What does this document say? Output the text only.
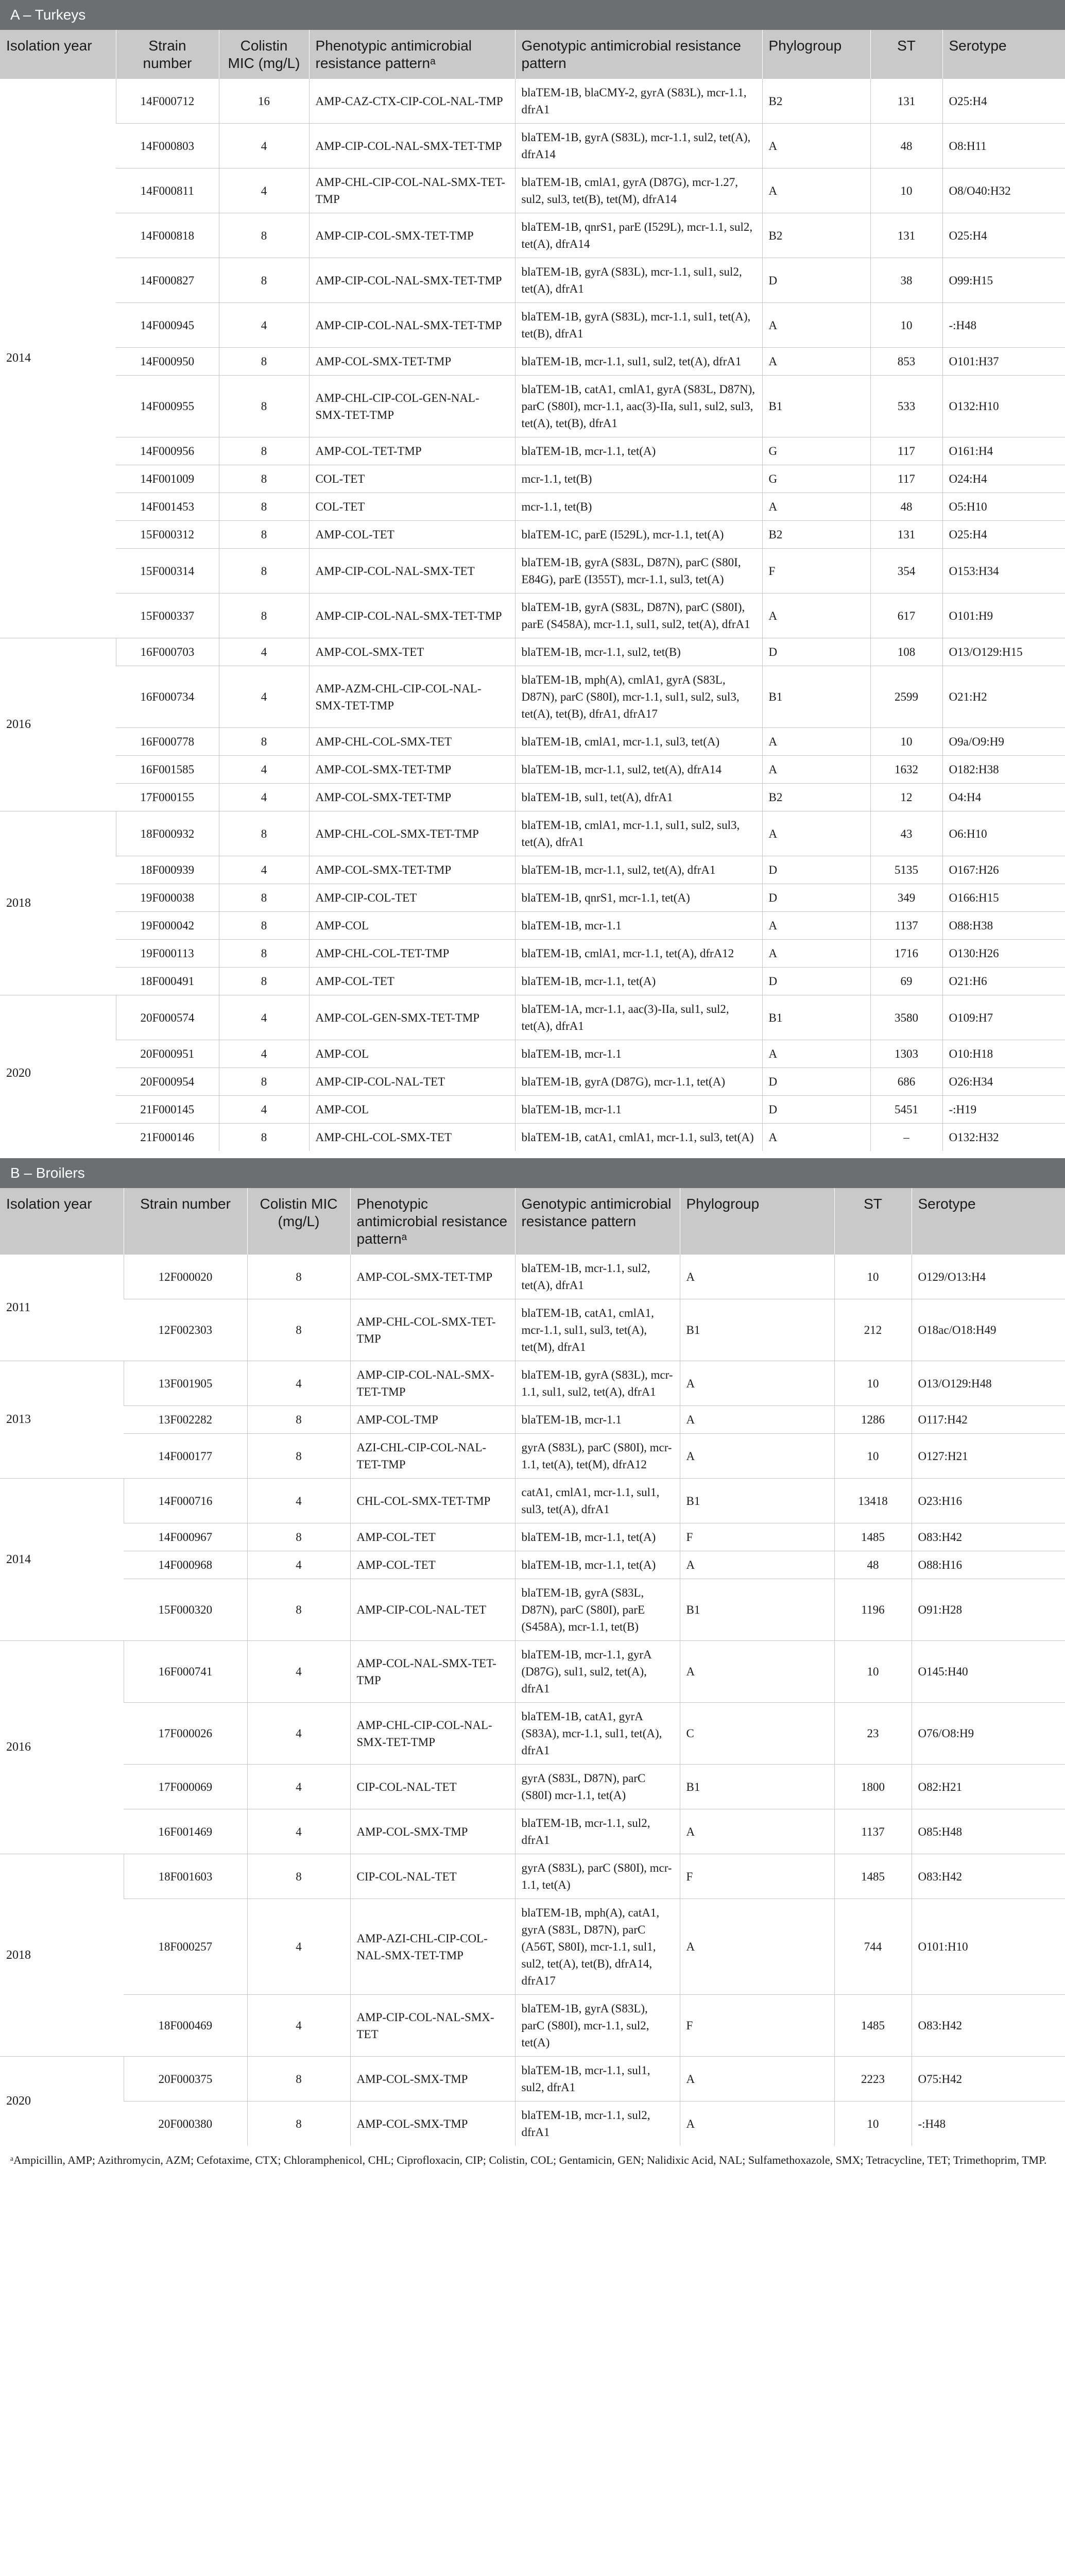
A – Turkeys
Isolation year	Strain number	Colistin MIC (mg/L)	Phenotypic antimicrobial resistance patternᵃ	Genotypic antimicrobial resistance pattern	Phylogroup	ST	Serotype
2014	14F000712	16	AMP-CAZ-CTX-CIP-COL-NAL-TMP	blaTEM-1B, blaCMY-2, gyrA (S83L), mcr-1.1, dfrA1	B2	131	O25:H4
	14F000803	4	AMP-CIP-COL-NAL-SMX-TET-TMP	blaTEM-1B, gyrA (S83L), mcr-1.1, sul2, tet(A), dfrA14	A	48	O8:H11
	14F000811	4	AMP-CHL-CIP-COL-NAL-SMX-TET-TMP	blaTEM-1B, cmlA1, gyrA (D87G), mcr-1.27, sul2, sul3, tet(B), tet(M), dfrA14	A	10	O8/O40:H32
	14F000818	8	AMP-CIP-COL-SMX-TET-TMP	blaTEM-1B, qnrS1, parE (I529L), mcr-1.1, sul2, tet(A), dfrA14	B2	131	O25:H4
	14F000827	8	AMP-CIP-COL-NAL-SMX-TET-TMP	blaTEM-1B, gyrA (S83L), mcr-1.1, sul1, sul2, tet(A), dfrA1	D	38	O99:H15
	14F000945	4	AMP-CIP-COL-NAL-SMX-TET-TMP	blaTEM-1B, gyrA (S83L), mcr-1.1, sul1, tet(A), tet(B), dfrA1	A	10	-:H48
	14F000950	8	AMP-COL-SMX-TET-TMP	blaTEM-1B, mcr-1.1, sul1, sul2, tet(A), dfrA1	A	853	O101:H37
	14F000955	8	AMP-CHL-CIP-COL-GEN-NAL-SMX-TET-TMP	blaTEM-1B, catA1, cmlA1, gyrA (S83L, D87N), parC (S80I), mcr-1.1, aac(3)-IIa, sul1, sul2, sul3, tet(A), tet(B), dfrA1	B1	533	O132:H10
	14F000956	8	AMP-COL-TET-TMP	blaTEM-1B, mcr-1.1, tet(A)	G	117	O161:H4
	14F001009	8	COL-TET	mcr-1.1, tet(B)	G	117	O24:H4
	14F001453	8	COL-TET	mcr-1.1, tet(B)	A	48	O5:H10
	15F000312	8	AMP-COL-TET	blaTEM-1C, parE (I529L), mcr-1.1, tet(A)	B2	131	O25:H4
	15F000314	8	AMP-CIP-COL-NAL-SMX-TET	blaTEM-1B, gyrA (S83L, D87N), parC (S80I, E84G), parE (I355T), mcr-1.1, sul3, tet(A)	F	354	O153:H34
	15F000337	8	AMP-CIP-COL-NAL-SMX-TET-TMP	blaTEM-1B, gyrA (S83L, D87N), parC (S80I), parE (S458A), mcr-1.1, sul1, sul2, tet(A), dfrA1	A	617	O101:H9
2016	16F000703	4	AMP-COL-SMX-TET	blaTEM-1B, mcr-1.1, sul2, tet(B)	D	108	O13/O129:H15
	16F000734	4	AMP-AZM-CHL-CIP-COL-NAL-SMX-TET-TMP	blaTEM-1B, mph(A), cmlA1, gyrA (S83L, D87N), parC (S80I), mcr-1.1, sul1, sul2, sul3, tet(A), tet(B), dfrA1, dfrA17	B1	2599	O21:H2
	16F000778	8	AMP-CHL-COL-SMX-TET	blaTEM-1B, cmlA1, mcr-1.1, sul3, tet(A)	A	10	O9a/O9:H9
	16F001585	4	AMP-COL-SMX-TET-TMP	blaTEM-1B, mcr-1.1, sul2, tet(A), dfrA14	A	1632	O182:H38
	17F000155	4	AMP-COL-SMX-TET-TMP	blaTEM-1B, sul1, tet(A), dfrA1	B2	12	O4:H4
2018	18F000932	8	AMP-CHL-COL-SMX-TET-TMP	blaTEM-1B, cmlA1, mcr-1.1, sul1, sul2, sul3, tet(A), dfrA1	A	43	O6:H10
	18F000939	4	AMP-COL-SMX-TET-TMP	blaTEM-1B, mcr-1.1, sul2, tet(A), dfrA1	D	5135	O167:H26
	19F000038	8	AMP-CIP-COL-TET	blaTEM-1B, qnrS1, mcr-1.1, tet(A)	D	349	O166:H15
	19F000042	8	AMP-COL	blaTEM-1B, mcr-1.1	A	1137	O88:H38
	19F000113	8	AMP-CHL-COL-TET-TMP	blaTEM-1B, cmlA1, mcr-1.1, tet(A), dfrA12	A	1716	O130:H26
	18F000491	8	AMP-COL-TET	blaTEM-1B, mcr-1.1, tet(A)	D	69	O21:H6
2020	20F000574	4	AMP-COL-GEN-SMX-TET-TMP	blaTEM-1A, mcr-1.1, aac(3)-IIa, sul1, sul2, tet(A), dfrA1	B1	3580	O109:H7
	20F000951	4	AMP-COL	blaTEM-1B, mcr-1.1	A	1303	O10:H18
	20F000954	8	AMP-CIP-COL-NAL-TET	blaTEM-1B, gyrA (D87G), mcr-1.1, tet(A)	D	686	O26:H34
	21F000145	4	AMP-COL	blaTEM-1B, mcr-1.1	D	5451	-:H19
	21F000146	8	AMP-CHL-COL-SMX-TET	blaTEM-1B, catA1, cmlA1, mcr-1.1, sul3, tet(A)	A	–	O132:H32
B – Broilers
Isolation year	Strain number	Colistin MIC (mg/L)	Phenotypic antimicrobial resistance patternᵃ	Genotypic antimicrobial resistance pattern	Phylogroup	ST	Serotype
2011	12F000020	8	AMP-COL-SMX-TET-TMP	blaTEM-1B, mcr-1.1, sul2, tet(A), dfrA1	A	10	O129/O13:H4
	12F002303	8	AMP-CHL-COL-SMX-TET-TMP	blaTEM-1B, catA1, cmlA1, mcr-1.1, sul1, sul3, tet(A), tet(M), dfrA1	B1	212	O18ac/O18:H49
2013	13F001905	4	AMP-CIP-COL-NAL-SMX-TET-TMP	blaTEM-1B, gyrA (S83L), mcr-1.1, sul1, sul2, tet(A), dfrA1	A	10	O13/O129:H48
	13F002282	8	AMP-COL-TMP	blaTEM-1B, mcr-1.1	A	1286	O117:H42
	14F000177	8	AZI-CHL-CIP-COL-NAL-TET-TMP	gyrA (S83L), parC (S80I), mcr-1.1, tet(A), tet(M), dfrA12	A	10	O127:H21
2014	14F000716	4	CHL-COL-SMX-TET-TMP	catA1, cmlA1, mcr-1.1, sul1, sul3, tet(A), dfrA1	B1	13418	O23:H16
	14F000967	8	AMP-COL-TET	blaTEM-1B, mcr-1.1, tet(A)	F	1485	O83:H42
	14F000968	4	AMP-COL-TET	blaTEM-1B, mcr-1.1, tet(A)	A	48	O88:H16
	15F000320	8	AMP-CIP-COL-NAL-TET	blaTEM-1B, gyrA (S83L, D87N), parC (S80I), parE (S458A), mcr-1.1, tet(B)	B1	1196	O91:H28
2016	16F000741	4	AMP-COL-NAL-SMX-TET-TMP	blaTEM-1B, mcr-1.1, gyrA (D87G), sul1, sul2, tet(A), dfrA1	A	10	O145:H40
	17F000026	4	AMP-CHL-CIP-COL-NAL-SMX-TET-TMP	blaTEM-1B, catA1, gyrA (S83A), mcr-1.1, sul1, tet(A), dfrA1	C	23	O76/O8:H9
	17F000069	4	CIP-COL-NAL-TET	gyrA (S83L, D87N), parC (S80I) mcr-1.1, tet(A)	B1	1800	O82:H21
	16F001469	4	AMP-COL-SMX-TMP	blaTEM-1B, mcr-1.1, sul2, dfrA1	A	1137	O85:H48
2018	18F001603	8	CIP-COL-NAL-TET	gyrA (S83L), parC (S80I), mcr-1.1, tet(A)	F	1485	O83:H42
	18F000257	4	AMP-AZI-CHL-CIP-COL-NAL-SMX-TET-TMP	blaTEM-1B, mph(A), catA1, gyrA (S83L, D87N), parC (A56T, S80I), mcr-1.1, sul1, sul2, tet(A), tet(B), dfrA14, dfrA17	A	744	O101:H10
	18F000469	4	AMP-CIP-COL-NAL-SMX-TET	blaTEM-1B, gyrA (S83L), parC (S80I), mcr-1.1, sul2, tet(A)	F	1485	O83:H42
2020	20F000375	8	AMP-COL-SMX-TMP	blaTEM-1B, mcr-1.1, sul1, sul2, dfrA1	A	2223	O75:H42
	20F000380	8	AMP-COL-SMX-TMP	blaTEM-1B, mcr-1.1, sul2, dfrA1	A	10	-:H48
ᵃAmpicillin, AMP; Azithromycin, AZM; Cefotaxime, CTX; Chloramphenicol, CHL; Ciprofloxacin, CIP; Colistin, COL; Gentamicin, GEN; Nalidixic Acid, NAL; Sulfamethoxazole, SMX; Tetracycline, TET; Trimethoprim, TMP.
